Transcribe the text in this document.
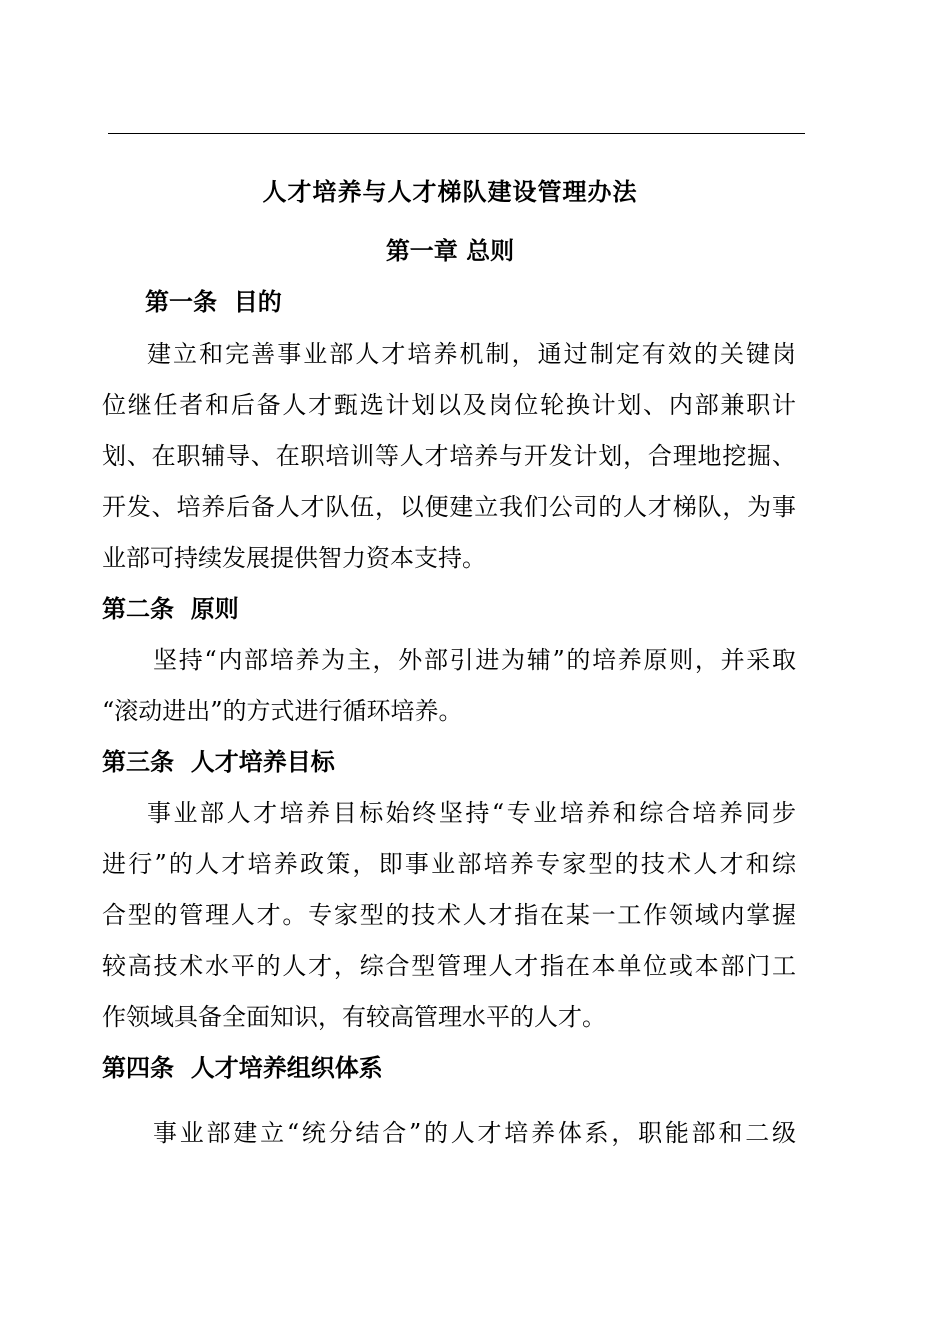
人才培养与人才梯队建设管理办法
第一章 总则
第一条  目的
建立和完善事业部人才培养机制，通过制定有效的关键岗
位继任者和后备人才甄选计划以及岗位轮换计划、内部兼职计
划、在职辅导、在职培训等人才培养与开发计划，合理地挖掘、
开发、培养后备人才队伍，以便建立我们公司的人才梯队，为事
业部可持续发展提供智力资本支持。
第二条  原则
坚持“内部培养为主，外部引进为辅”的培养原则，并采取
“滚动进出”的方式进行循环培养。
第三条  人才培养目标
事业部人才培养目标始终坚持“专业培养和综合培养同步
进行”的人才培养政策，即事业部培养专家型的技术人才和综
合型的管理人才。专家型的技术人才指在某一工作领域内掌握
较高技术水平的人才，综合型管理人才指在本单位或本部门工
作领域具备全面知识，有较高管理水平的人才。
第四条  人才培养组织体系
事业部建立“统分结合”的人才培养体系，职能部和二级
